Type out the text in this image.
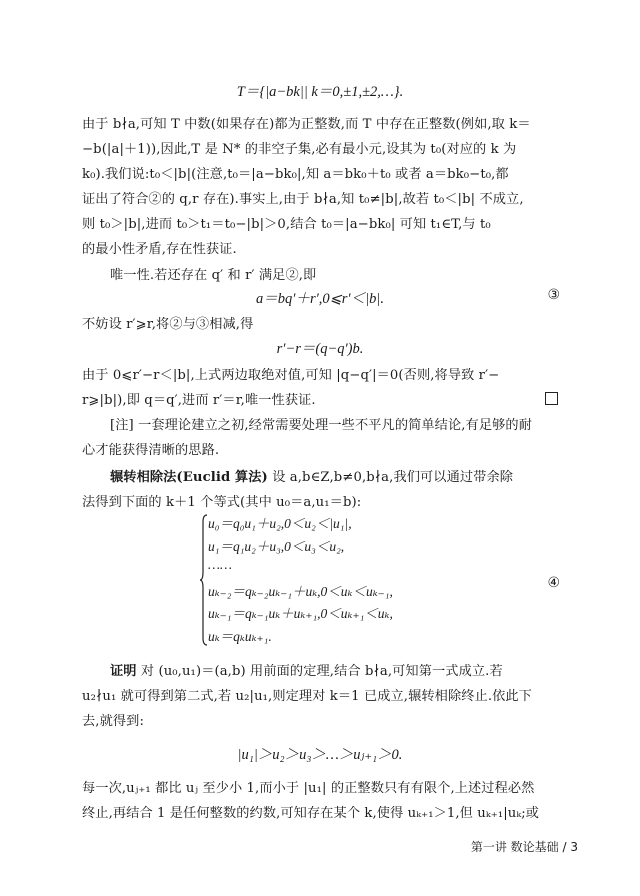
T＝{|a−bk|| k＝0,±1,±2,…}.
由于 b∤a,可知 T 中数(如果存在)都为正整数,而 T 中存在正整数(例如,取 k＝
−b(|a|＋1)),因此,T 是 N* 的非空子集,必有最小元,设其为 t₀(对应的 k 为
k₀).我们说:t₀＜|b|(注意,t₀＝|a−bk₀|,知 a＝bk₀＋t₀ 或者 a＝bk₀−t₀,都
证出了符合②的 q,r 存在).事实上,由于 b∤a,知 t₀≠|b|,故若 t₀＜|b| 不成立,
则 t₀＞|b|,进而 t₀＞t₁＝t₀−|b|＞0,结合 t₀＝|a−bk₀| 可知 t₁∈T,与 t₀
的最小性矛盾,存在性获证.
唯一性.若还存在 q′ 和 r′ 满足②,即
a＝bq′＋r′,0⩽r′＜|b|.	③
不妨设 r′⩾r,将②与③相减,得
r′−r＝(q−q′)b.
由于 0⩽r′−r＜|b|,上式两边取绝对值,可知 |q−q′|＝0(否则,将导致 r′−
r⩾|b|),即 q＝q′,进而 r′＝r,唯一性获证.
[注] 一套理论建立之初,经常需要处理一些不平凡的简单结论,有足够的耐
心才能获得清晰的思路.
辗转相除法(Euclid 算法) 设 a,b∈Z,b≠0,b∤a,我们可以通过带余除
法得到下面的 k＋1 个等式(其中 u₀＝a,u₁＝b):
u₀＝q₀u₁＋u₂,0＜u₂＜|u₁|,
u₁＝q₁u₂＋u₃,0＜u₃＜u₂,
……
uₖ₋₂＝qₖ₋₂uₖ₋₁＋uₖ,0＜uₖ＜uₖ₋₁,
uₖ₋₁＝qₖ₋₁uₖ＋uₖ₊₁,0＜uₖ₊₁＜uₖ,
uₖ＝qₖuₖ₊₁.
④
证明 对 (u₀,u₁)＝(a,b) 用前面的定理,结合 b∤a,可知第一式成立.若
u₂∤u₁ 就可得到第二式,若 u₂|u₁,则定理对 k＝1 已成立,辗转相除终止.依此下
去,就得到:
|u₁|＞u₂＞u₃＞…＞uⱼ₊₁＞0.
每一次,uⱼ₊₁ 都比 uⱼ 至少小 1,而小于 |u₁| 的正整数只有有限个,上述过程必然
终止,再结合 1 是任何整数的约数,可知存在某个 k,使得 uₖ₊₁＞1,但 uₖ₊₁|uₖ;或
第一讲 数论基础 / 3
